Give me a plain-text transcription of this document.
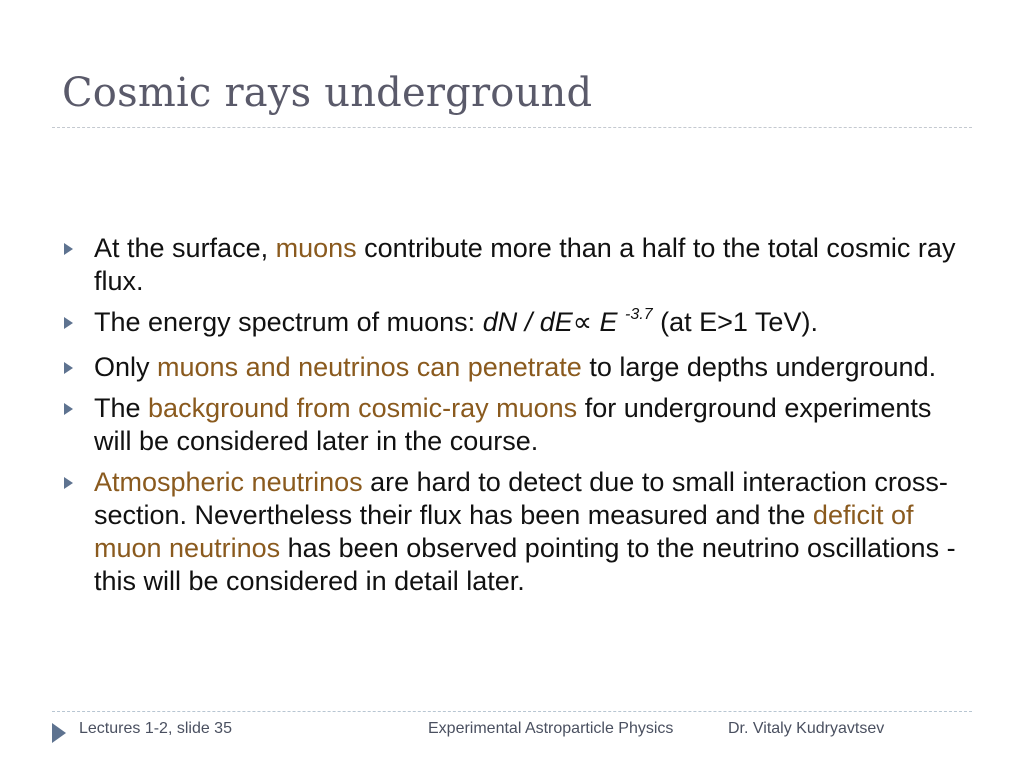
Cosmic rays underground
At the surface, muons contribute more than a half to the total cosmic ray flux.
The energy spectrum of muons: dN / dE∝ E $^{-3.7}$ (at E>1 TeV).
Only muons and neutrinos can penetrate to large depths underground.
The background from cosmic-ray muons for underground experiments will be considered later in the course.
Atmospheric neutrinos are hard to detect due to small interaction cross-section. Nevertheless their flux has been measured and the deficit of muon neutrinos has been observed pointing to the neutrino oscillations - this will be considered in detail later.
Lectures 1-2, slide 35	Experimental Astroparticle Physics	Dr. Vitaly Kudryavtsev
